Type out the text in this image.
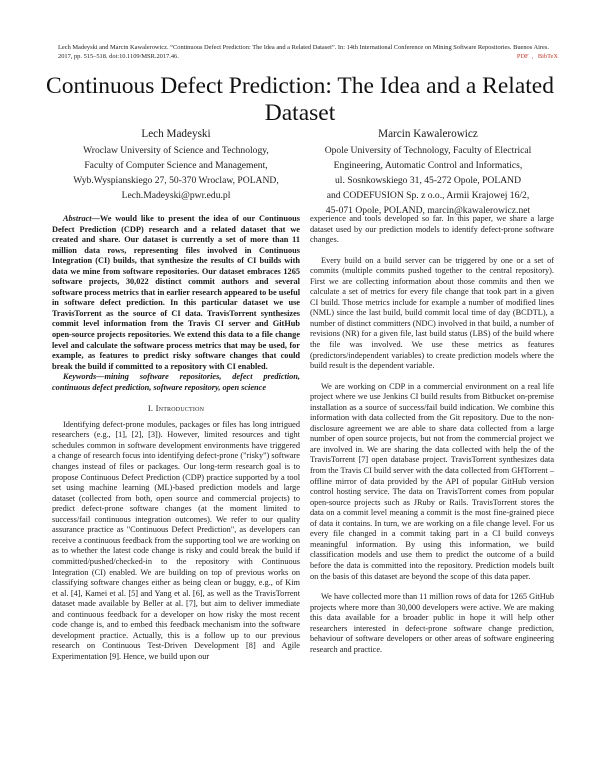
Lech Madeyski and Marcin Kawalerowicz. “Continuous Defect Prediction: The Idea and a Related Dataset”. In: 14th International Conference on Mining Software Repositories. Buenos Aires. 2017, pp. 515–518. doi:10.1109/MSR.2017.46.	PDF , BibTeX
Continuous Defect Prediction: The Idea and a Related Dataset
Lech Madeyski
Wroclaw University of Science and Technology,
Faculty of Computer Science and Management,
Wyb.Wyspianskiego 27, 50-370 Wroclaw, POLAND,
Lech.Madeyski@pwr.edu.pl
Marcin Kawalerowicz
Opole University of Technology, Faculty of Electrical
Engineering, Automatic Control and Informatics,
ul. Sosnkowskiego 31, 45-272 Opole, POLAND
and CODEFUSION Sp. z o.o., Armii Krajowej 16/2,
45-071 Opole, POLAND, marcin@kawalerowicz.net

Abstract—We would like to present the idea of our Continuous Defect Prediction (CDP) research and a related dataset that we created and share. Our dataset is currently a set of more than 11 million data rows, representing files involved in Continuous Integration (CI) builds, that synthesize the results of CI builds with data we mine from software repositories. Our dataset embraces 1265 software projects, 30,022 distinct commit authors and several software process metrics that in earlier research appeared to be useful in software defect prediction. In this particular dataset we use TravisTorrent as the source of CI data. TravisTorrent synthesizes commit level information from the Travis CI server and GitHub open-source projects repositories. We extend this data to a file change level and calculate the software process metrics that may be used, for example, as features to predict risky software changes that could break the build if committed to a repository with CI enabled.

Keywords—mining software repositories, defect prediction, continuous defect prediction, software repository, open science

I. Introduction

Identifying defect-prone modules, packages or files has long intrigued researchers (e.g., [1], [2], [3]). However, limited resources and tight schedules common in software development environments have triggered a change of research focus into identifying defect-prone ("risky") software changes instead of files or packages. Our long-term research goal is to propose Continuous Defect Prediction (CDP) practice supported by a tool set using machine learning (ML)-based prediction models and large dataset (collected from both, open source and commercial projects) to predict defect-prone software changes (at the moment limited to success/fail continuous integration outcomes). We refer to our quality assurance practice as "Continuous Defect Prediction", as developers can receive a continuous feedback from the supporting tool we are working on as to whether the latest code change is risky and could break the build if committed/pushed/checked-in to the repository with Continuous Integration (CI) enabled. We are building on top of previous works on classifying software changes either as being clean or buggy, e.g., of Kim et al. [4], Kamei et al. [5] and Yang et al. [6], as well as the TravisTorrent dataset made available by Beller at al. [7], but aim to deliver immediate and continuous feedback for a developer on how risky the most recent code change is, and to embed this feedback mechanism into the software development practice. Actually, this is a follow up to our previous research on Continuous Test-Driven Development [8] and Agile Experimentation [9]. Hence, we build upon our

experience and tools developed so far. In this paper, we share a large dataset used by our prediction models to identify defect-prone software changes.

Every build on a build server can be triggered by one or a set of commits (multiple commits pushed together to the central repository). First we are collecting information about those commits and then we calculate a set of metrics for every file change that took part in a given CI build. Those metrics include for example a number of modified lines (NML) since the last build, build commit local time of day (BCDTL), a number of distinct committers (NDC) involved in that build, a number of revisions (NR) for a given file, last build status (LBS) of the build where the file was involved. We use these metrics as features (predictors/independent variables) to create prediction models where the build result is the dependent variable.

We are working on CDP in a commercial environment on a real life project where we use Jenkins CI build results from Bitbucket on-premise installation as a source of success/fail build indication. We combine this information with data collected from the Git repository. Due to the non-disclosure agreement we are able to share data collected from a large number of open source projects, but not from the commercial project we are involved in. We are sharing the data collected with help the of the TravisTorrent [7] open database project. TravisTorrent synthesizes data from the Travis CI build server with the data collected from GHTorrent – offline mirror of data provided by the API of popular GitHub version control hosting service. The data on TravisTorrent comes from popular open-source projects such as JRuby or Rails. TravisTorrent stores the data on a commit level meaning a commit is the most fine-grained piece of data it contains. In turn, we are working on a file change level. For us every file changed in a commit taking part in a CI build conveys meaningful information. By using this information, we build classification models and use them to predict the outcome of a build before the data is committed into the repository. Prediction models built on the basis of this dataset are beyond the scope of this data paper.

We have collected more than 11 million rows of data for 1265 GitHub projects where more than 30,000 developers were active. We are making this data available for a broader public in hope it will help other researchers interested in defect-prone software change prediction, behaviour of software developers or other areas of software engineering research and practice.
